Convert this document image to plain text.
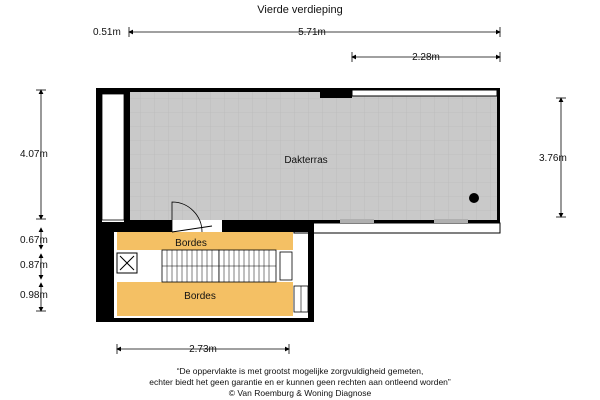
Vierde verdieping
Dakterras
Bordes
Bordes
0.51m	5.71m
2.28m
4.07m	3.76m
0.67m
0.87m
0.98m
2.73m
“De oppervlakte is met grootst mogelijke zorgvuldigheid gemeten,
echter biedt het geen garantie en er kunnen geen rechten aan ontleend worden”
© Van Roemburg & Woning Diagnose
